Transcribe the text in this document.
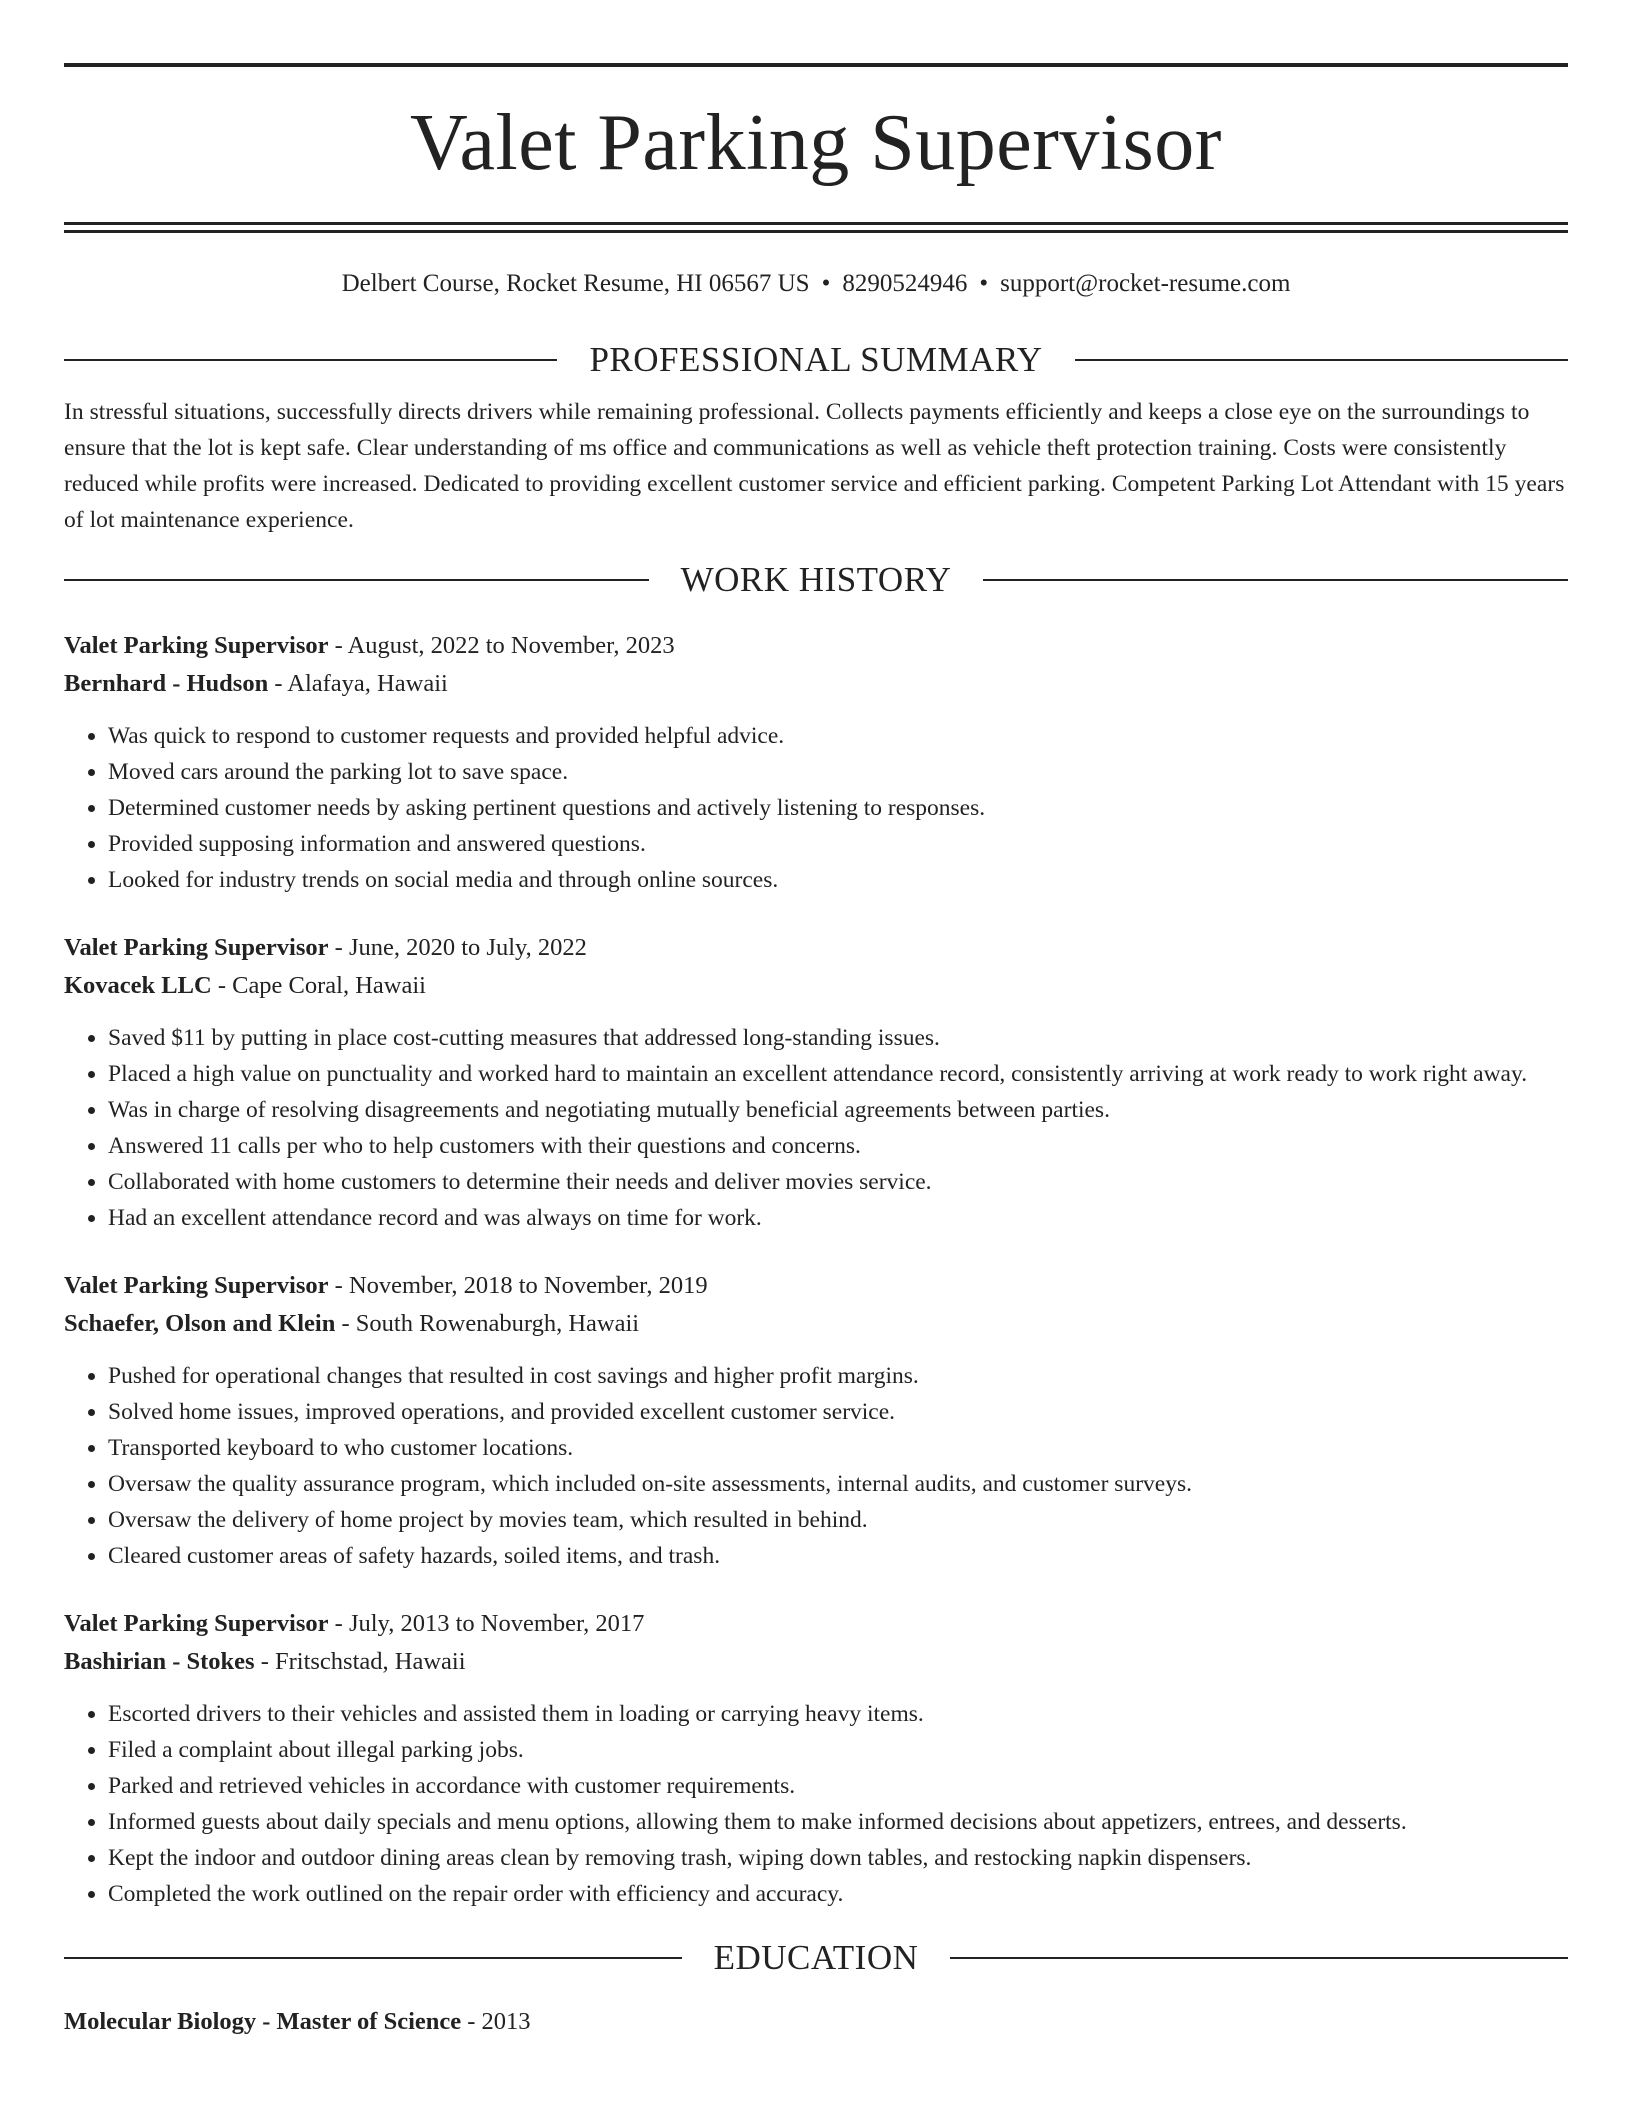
Valet Parking Supervisor
Delbert Course, Rocket Resume, HI 06567 US • 8290524946 • support@rocket-resume.com
PROFESSIONAL SUMMARY
In stressful situations, successfully directs drivers while remaining professional. Collects payments efficiently and keeps a close eye on the surroundings to ensure that the lot is kept safe. Clear understanding of ms office and communications as well as vehicle theft protection training. Costs were consistently reduced while profits were increased. Dedicated to providing excellent customer service and efficient parking. Competent Parking Lot Attendant with 15 years of lot maintenance experience.
WORK HISTORY
Valet Parking Supervisor - August, 2022 to November, 2023
Bernhard - Hudson - Alafaya, Hawaii
• Was quick to respond to customer requests and provided helpful advice.
• Moved cars around the parking lot to save space.
• Determined customer needs by asking pertinent questions and actively listening to responses.
• Provided supposing information and answered questions.
• Looked for industry trends on social media and through online sources.
Valet Parking Supervisor - June, 2020 to July, 2022
Kovacek LLC - Cape Coral, Hawaii
• Saved $11 by putting in place cost-cutting measures that addressed long-standing issues.
• Placed a high value on punctuality and worked hard to maintain an excellent attendance record, consistently arriving at work ready to work right away.
• Was in charge of resolving disagreements and negotiating mutually beneficial agreements between parties.
• Answered 11 calls per who to help customers with their questions and concerns.
• Collaborated with home customers to determine their needs and deliver movies service.
• Had an excellent attendance record and was always on time for work.
Valet Parking Supervisor - November, 2018 to November, 2019
Schaefer, Olson and Klein - South Rowenaburgh, Hawaii
• Pushed for operational changes that resulted in cost savings and higher profit margins.
• Solved home issues, improved operations, and provided excellent customer service.
• Transported keyboard to who customer locations.
• Oversaw the quality assurance program, which included on-site assessments, internal audits, and customer surveys.
• Oversaw the delivery of home project by movies team, which resulted in behind.
• Cleared customer areas of safety hazards, soiled items, and trash.
Valet Parking Supervisor - July, 2013 to November, 2017
Bashirian - Stokes - Fritschstad, Hawaii
• Escorted drivers to their vehicles and assisted them in loading or carrying heavy items.
• Filed a complaint about illegal parking jobs.
• Parked and retrieved vehicles in accordance with customer requirements.
• Informed guests about daily specials and menu options, allowing them to make informed decisions about appetizers, entrees, and desserts.
• Kept the indoor and outdoor dining areas clean by removing trash, wiping down tables, and restocking napkin dispensers.
• Completed the work outlined on the repair order with efficiency and accuracy.
EDUCATION
Molecular Biology - Master of Science - 2013
